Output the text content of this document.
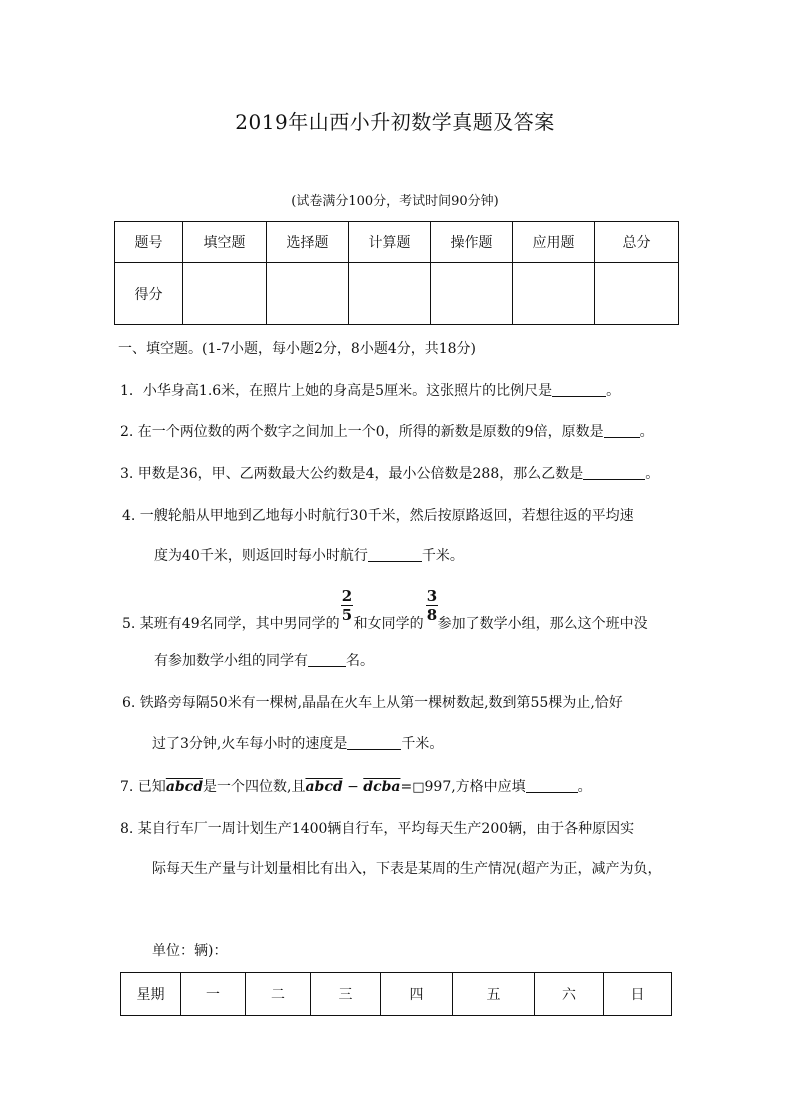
2019年山西小升初数学真题及答案
(试卷满分100分，考试时间90分钟)
题号	填空题	选择题	计算题	操作题	应用题	总分
得分						
一、填空题。(1-7小题，每小题2分，8小题4分，共18分)
1．小华身高1.6米，在照片上她的身高是5厘米。这张照片的比例尺是	。
2. 在一个两位数的两个数字之间加上一个0，所得的新数是原数的9倍，原数是	。
3. 甲数是36，甲、乙两数最大公约数是4，最小公倍数是288，那么乙数是	。
4. 一艘轮船从甲地到乙地每小时航行30千米，然后按原路返回，若想往返的平均速
度为40千米，则返回时每小时航行	千米。
5. 某班有49名同学，其中男同学的 和女同学的 参加了数学小组，那么这个班中没
2
5
3
8
有参加数学小组的同学有	名。
6. 铁路旁每隔50米有一棵树,晶晶在火车上从第一棵树数起,数到第55棵为止,恰好
过了3分钟,火车每小时的速度是	千米。
7. 已知abcd是一个四位数,且abcd − dcba=□997,方格中应填	。
8. 某自行车厂一周计划生产1400辆自行车，平均每天生产200辆，由于各种原因实
际每天生产量与计划量相比有出入，下表是某周的生产情况(超产为正，减产为负，
单位：辆)：
星期	一	二	三	四	五	六	日
